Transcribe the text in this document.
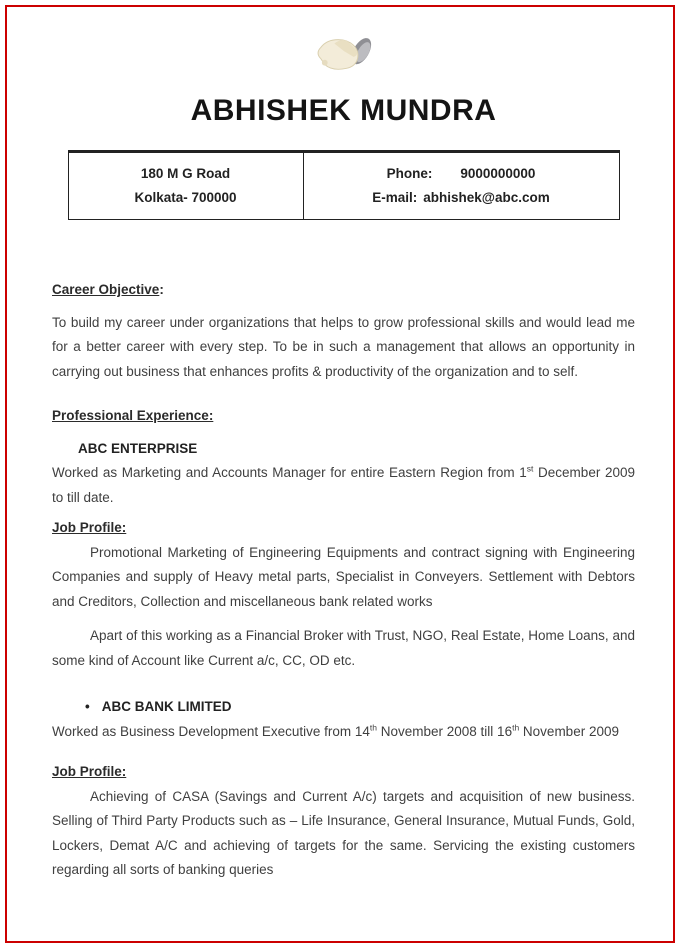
ABHISHEK MUNDRA
180 M G Road
Kolkata- 700000
Phone: 9000000000
E-mail: abhishek@abc.com
Career Objective:

To build my career under organizations that helps to grow professional skills and would lead me for a better career with every step. To be in such a management that allows an opportunity in carrying out business that enhances profits & productivity of the organization and to self.

Professional Experience:
ABC ENTERPRISE

Worked as Marketing and Accounts Manager for entire Eastern Region from 1st December 2009 to till date.

Job Profile:

Promotional Marketing of Engineering Equipments and contract signing with Engineering Companies and supply of Heavy metal parts, Specialist in Conveyers. Settlement with Debtors and Creditors, Collection and miscellaneous bank related works

Apart of this working as a Financial Broker with Trust, NGO, Real Estate, Home Loans, and some kind of Account like Current a/c, CC, OD etc.

• ABC BANK LIMITED

Worked as Business Development Executive from 14th November 2008 till 16th November 2009

Job Profile:

Achieving of CASA (Savings and Current A/c) targets and acquisition of new business. Selling of Third Party Products such as – Life Insurance, General Insurance, Mutual Funds, Gold, Lockers, Demat A/C and achieving of targets for the same. Servicing the existing customers regarding all sorts of banking queries
